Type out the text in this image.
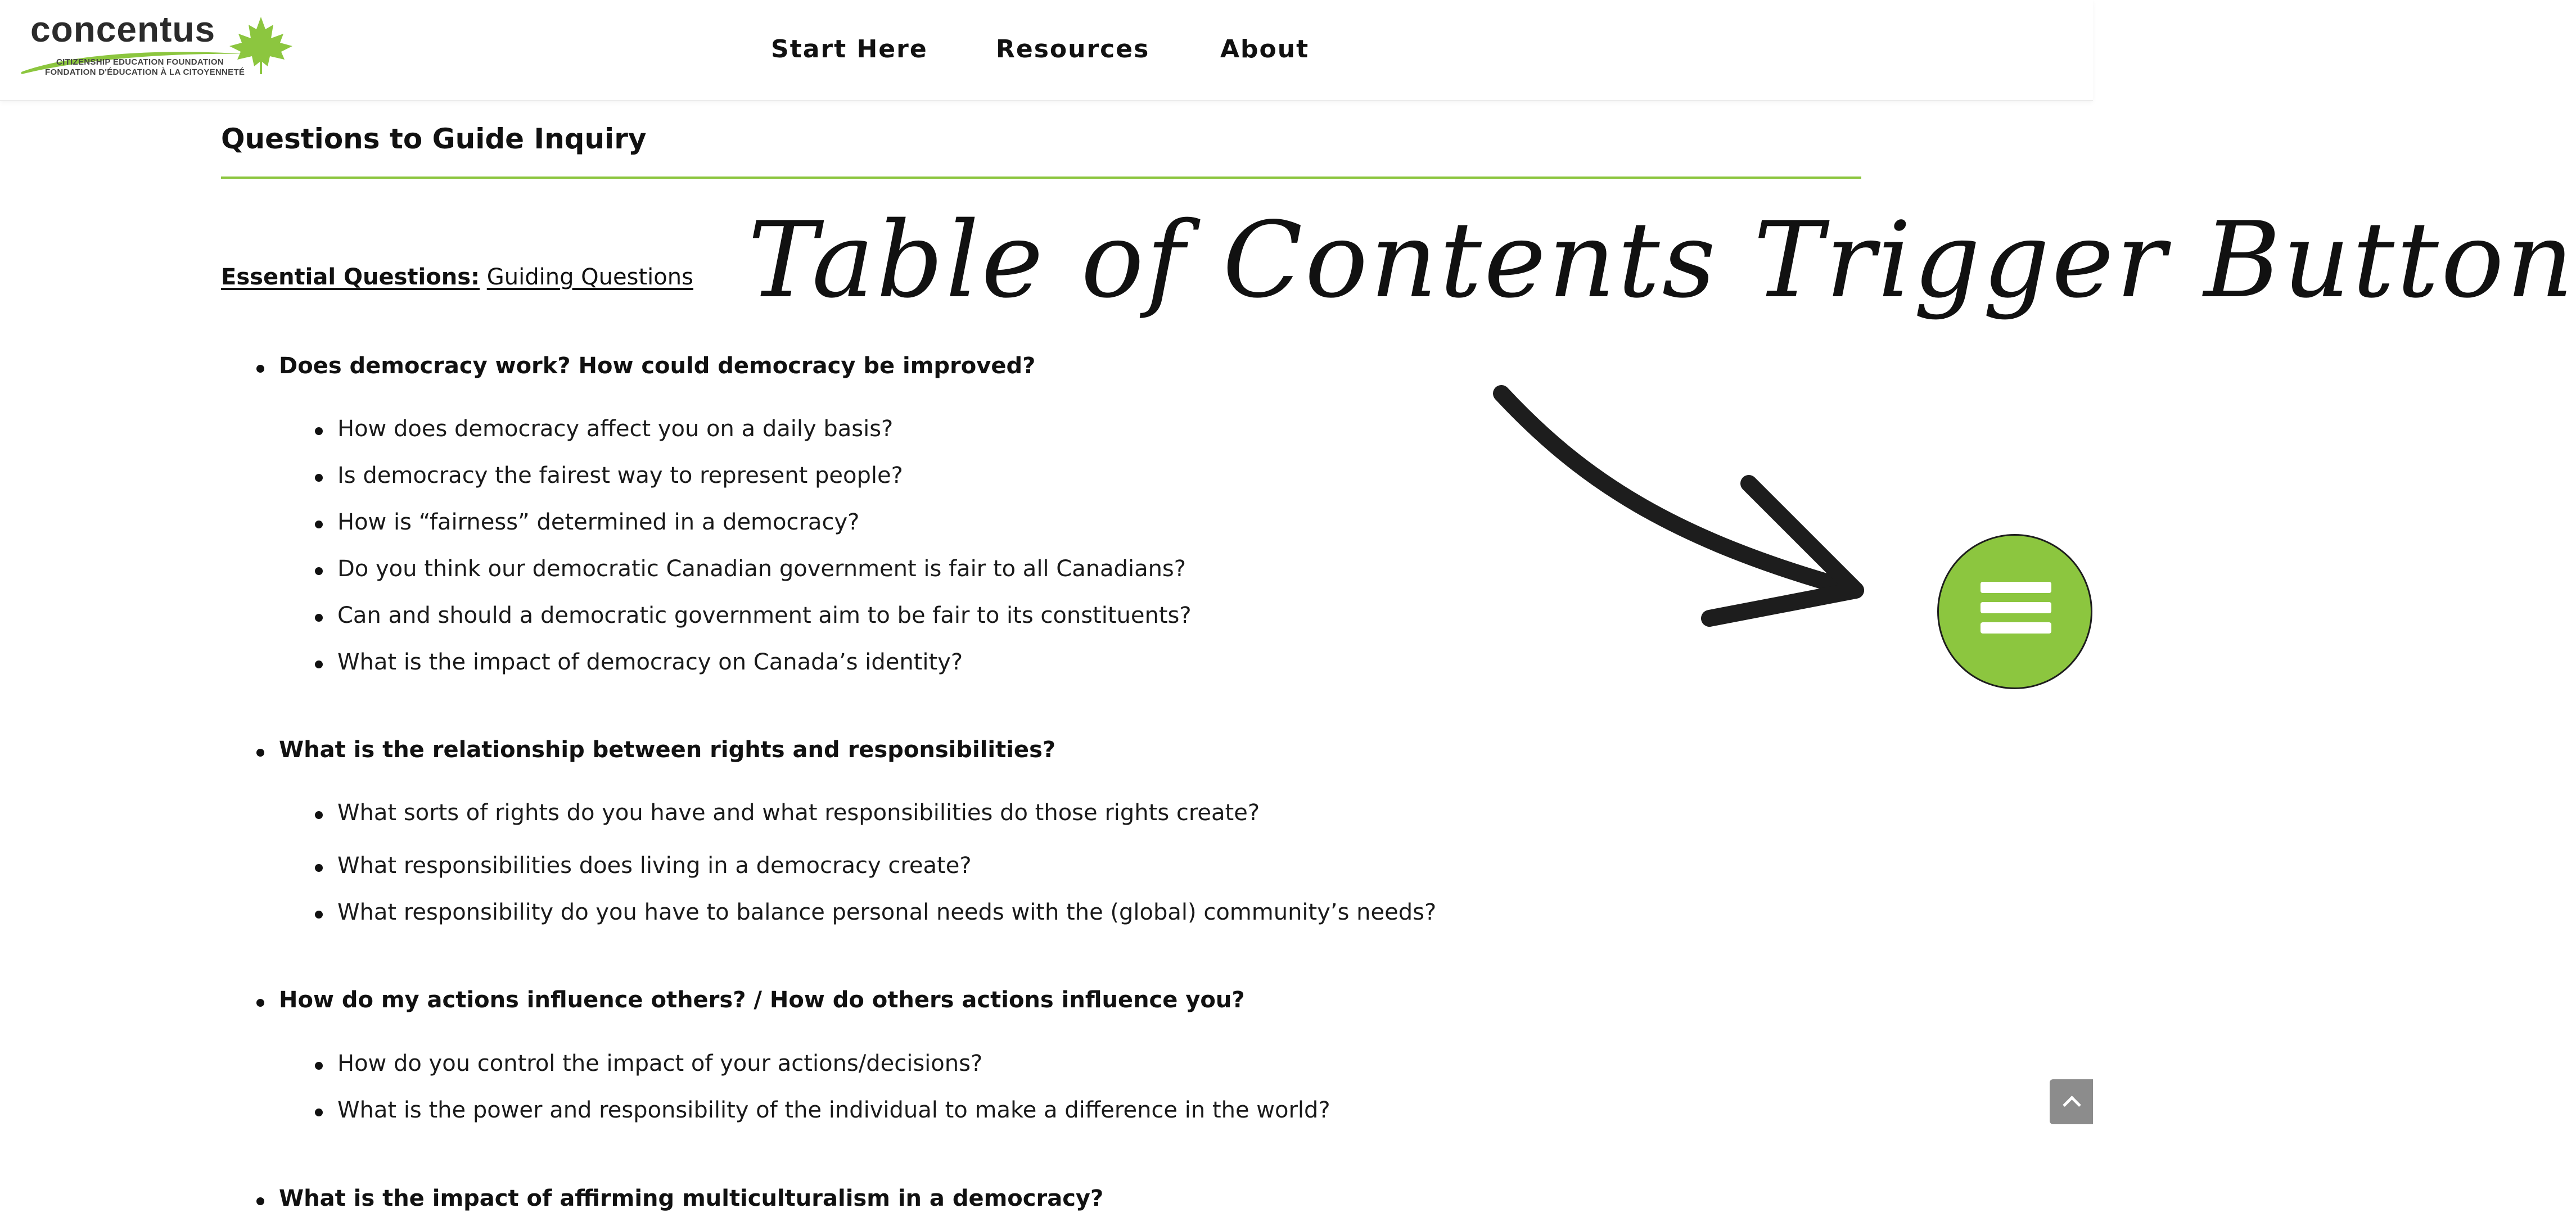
concentus
CITIZENSHIP EDUCATION FOUNDATION
FONDATION D'ÉDUCATION À LA CITOYENNETÉ
Start Here	Resources	About
Questions to Guide Inquiry
Essential Questions: Guiding Questions
Does democracy work? How could democracy be improved?
How does democracy affect you on a daily basis?
Is democracy the fairest way to represent people?
How is “fairness” determined in a democracy?
Do you think our democratic Canadian government is fair to all Canadians?
Can and should a democratic government aim to be fair to its constituents?
What is the impact of democracy on Canada’s identity?
What is the relationship between rights and responsibilities?
What sorts of rights do you have and what responsibilities do those rights create?
What responsibilities does living in a democracy create?
What responsibility do you have to balance personal needs with the (global) community’s needs?
How do my actions influence others? / How do others actions influence you?
How do you control the impact of your actions/decisions?
What is the power and responsibility of the individual to make a difference in the world?
What is the impact of affirming multiculturalism in a democracy?
Table of Contents Trigger Button
